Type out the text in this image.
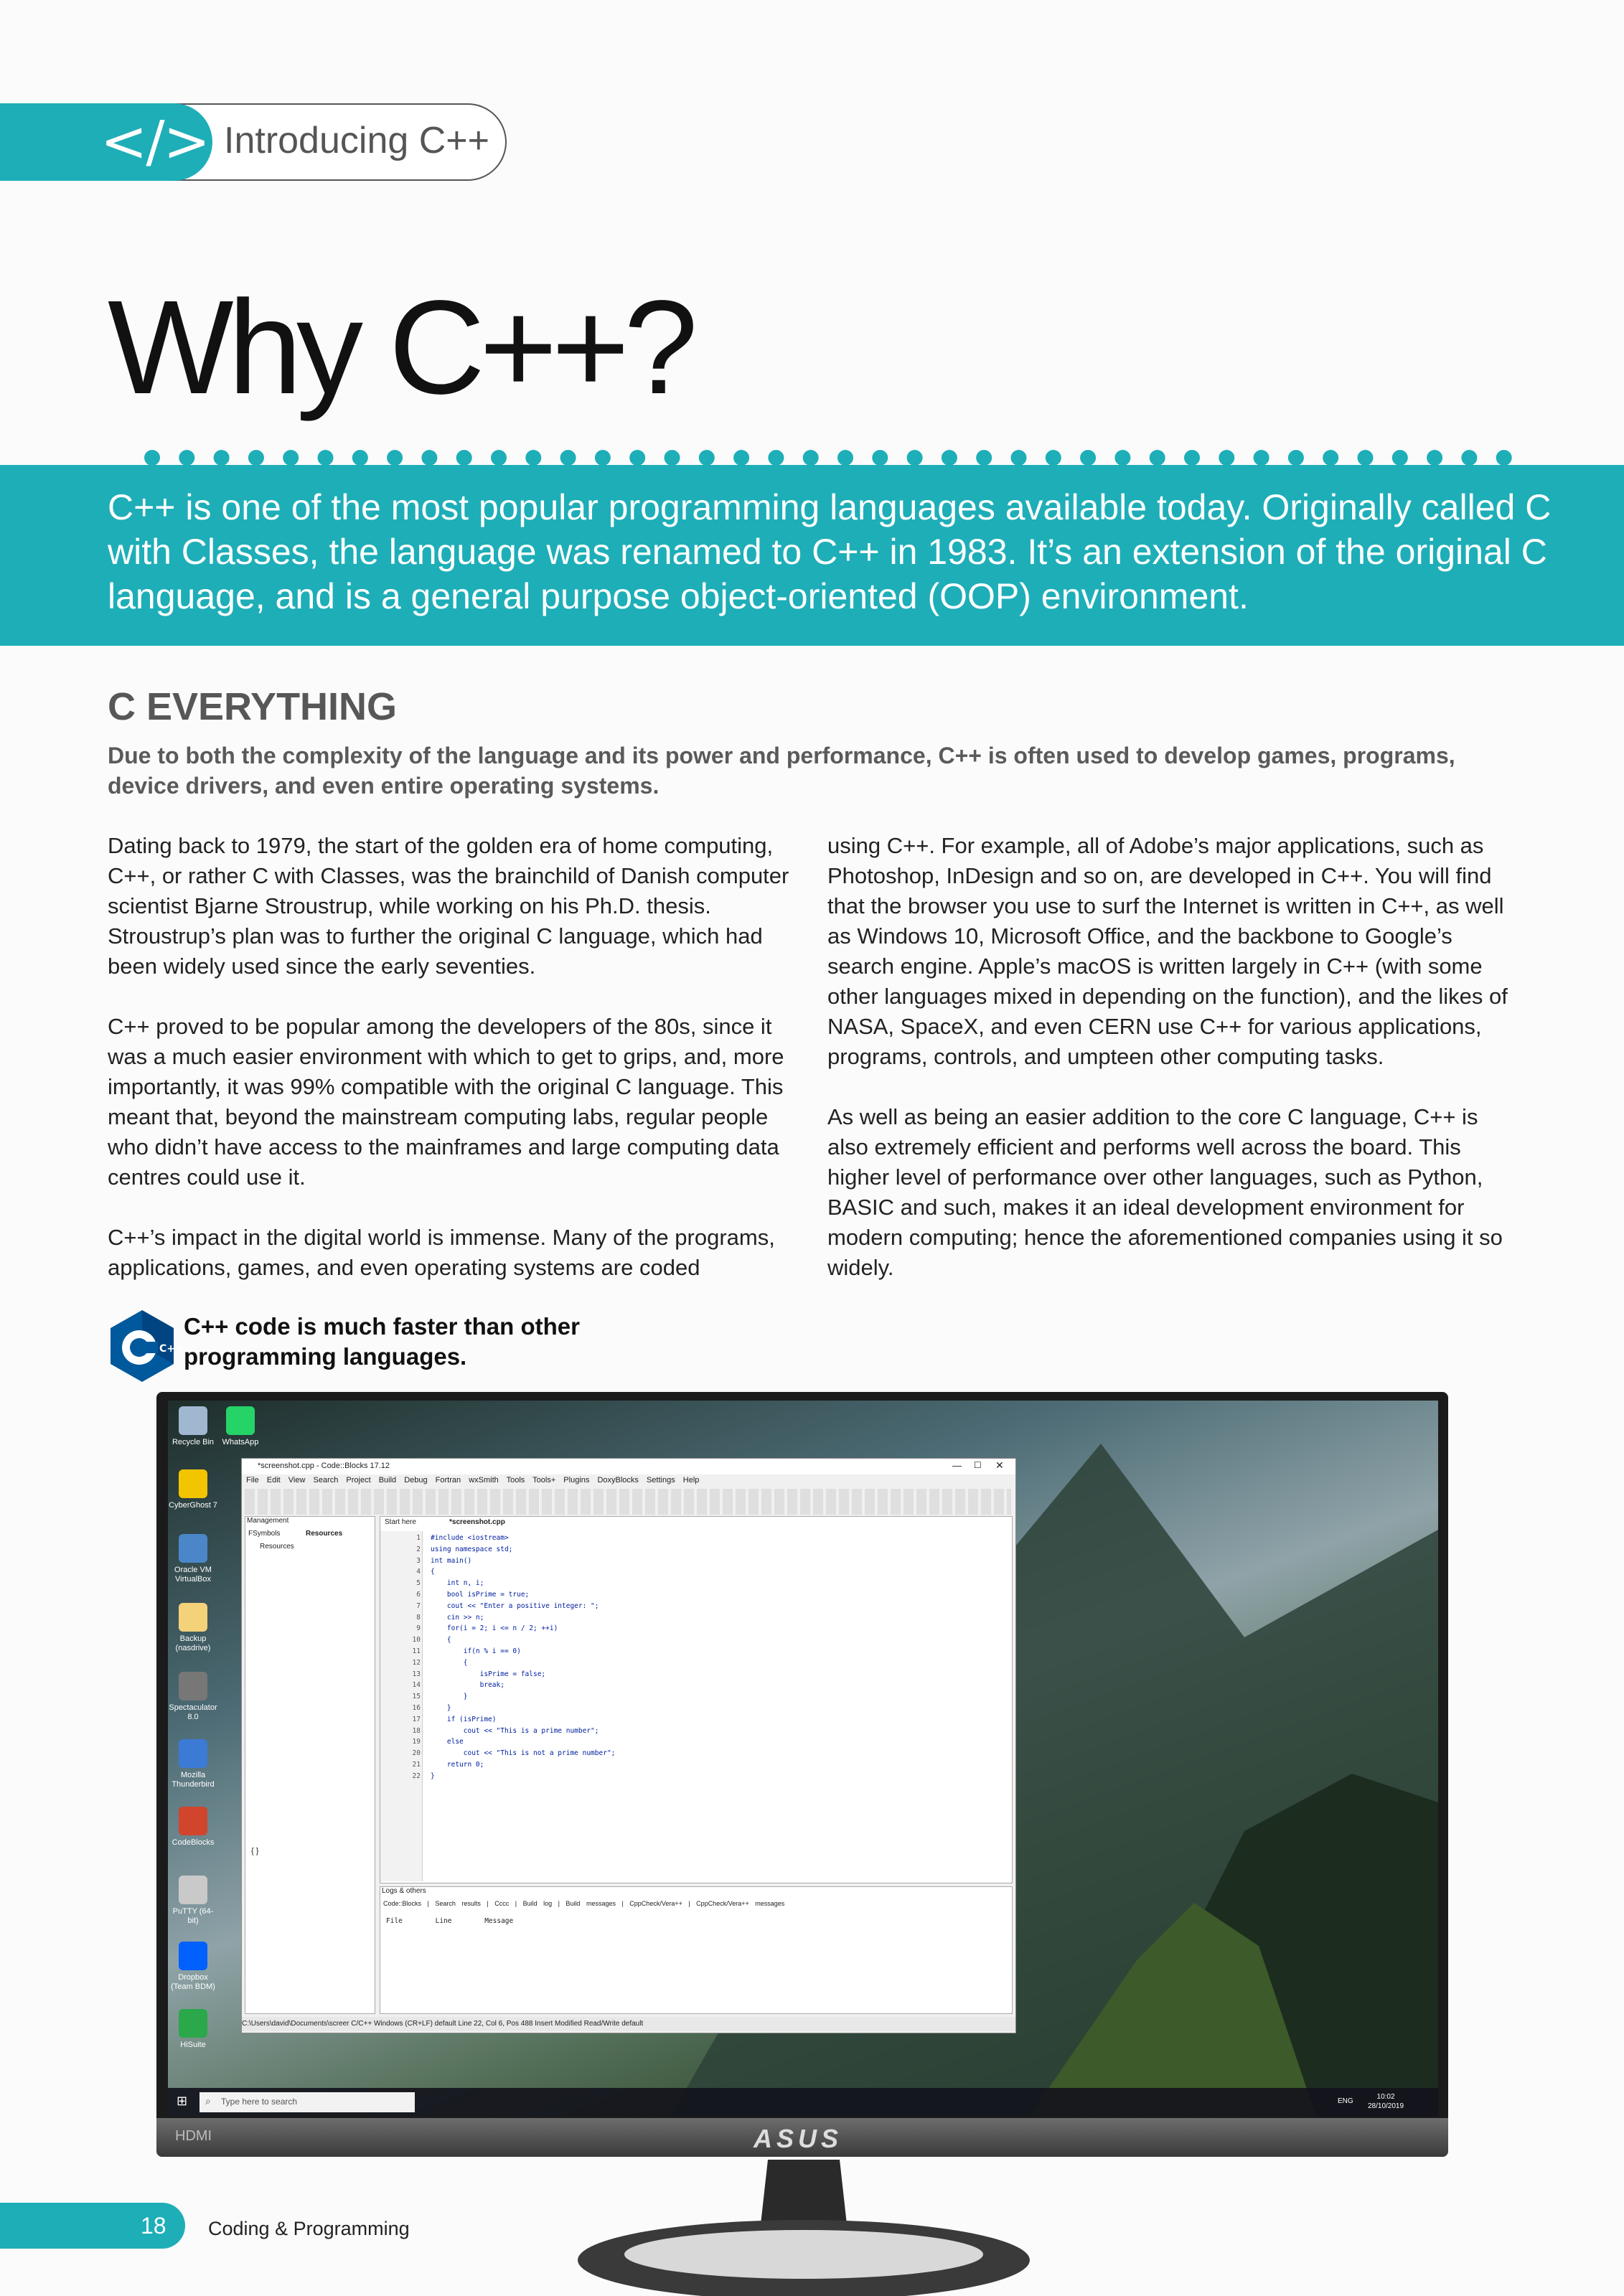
</> Introducing C++
Why C++?
C++ is one of the most popular programming languages available today. Originally called C with Classes, the language was renamed to C++ in 1983. It’s an extension of the original C language, and is a general purpose object-oriented (OOP) environment.
C EVERYTHING
Due to both the complexity of the language and its power and performance, C++ is often used to develop games, programs, device drivers, and even entire operating systems.

Dating back to 1979, the start of the golden era of home computing, C++, or rather C with Classes, was the brainchild of Danish computer scientist Bjarne Stroustrup, while working on his Ph.D. thesis. Stroustrup’s plan was to further the original C language, which had been widely used since the early seventies.

C++ proved to be popular among the developers of the 80s, since it was a much easier environment with which to get to grips, and, more importantly, it was 99% compatible with the original C language. This meant that, beyond the mainstream computing labs, regular people who didn’t have access to the mainframes and large computing data centres could use it.

C++’s impact in the digital world is immense. Many of the programs, applications, games, and even operating systems are coded

using C++. For example, all of Adobe’s major applications, such as Photoshop, InDesign and so on, are developed in C++. You will find that the browser you use to surf the Internet is written in C++, as well as Windows 10, Microsoft Office, and the backbone to Google’s search engine. Apple’s macOS is written largely in C++ (with some other languages mixed in depending on the function), and the likes of NASA, SpaceX, and even CERN use C++ for various applications, programs, controls, and umpteen other computing tasks.

As well as being an easier addition to the core C language, C++ is also extremely efficient and performs well across the board. This higher level of performance over other languages, such as Python, BASIC and such, makes it an ideal development environment for modern computing; hence the aforementioned companies using it so widely.

C++
C++ code is much faster than other programming languages.
Recycle Bin	WhatsApp
CyberGhost 7
Oracle VM VirtualBox
Backup (nasdrive)
Spectaculator 8.0
Mozilla Thunderbird
CodeBlocks
PuTTY (64-bit)
Dropbox (Team BDM)
HiSuite
*screenshot.cpp - Code::Blocks 17.12	— ☐ ✕
File Edit View Search Project Build Debug Fortran wxSmith Tools Tools+ Plugins DoxyBlocks Settings Help
Management
FSymbols	Resources
Resources
{ }
Start here	*screenshot.cpp
1
2
3
4
5
6
7
8
9
10
11
12
13
14
15
16
17
18
19
20
21
22
#include <iostream>
using namespace std;
int main()
{
int n, i;
bool isPrime = true;
cout << "Enter a positive integer: ";
cin >> n;
for(i = 2; i <= n / 2; ++i)
{
if(n % i == 0)
{
isPrime = false;
break;
}
}
if (isPrime)
cout << "This is a prime number";
else
cout << "This is not a prime number";
return 0;
}
Logs & others
Code::Blocks | Search results | Cccc | Build log | Build messages | CppCheck/Vera++ | CppCheck/Vera++ messages
File Line Message
C:\Users\david\Documents\screer C/C++ Windows (CR+LF) default Line 22, Col 6, Pos 488 Insert Modified Read/Write default
⊞ ⌕ Type here to search	ENG
10:02
28/10/2019
HDMI	ASUS
18 Coding & Programming
